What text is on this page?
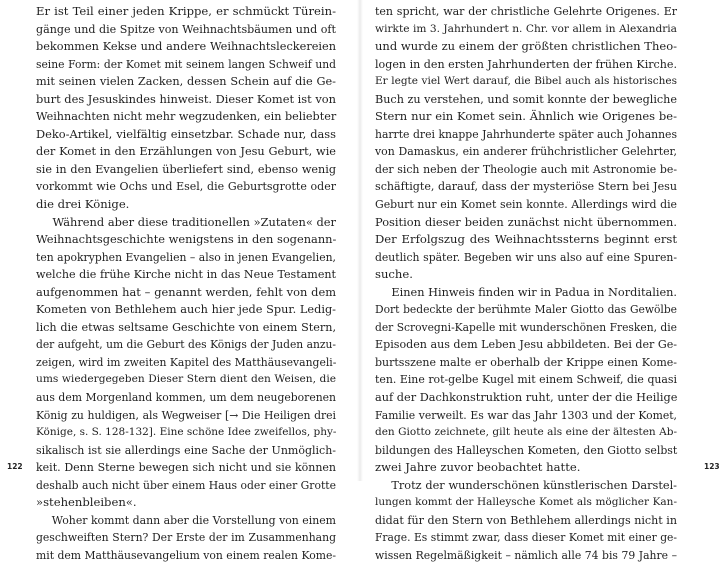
Er ist Teil einer jeden Krippe, er schmückt Türein-
gänge und die Spitze von Weihnachtsbäumen und oft
bekommen Kekse und andere Weihnachtsleckereien
seine Form: der Komet mit seinem langen Schweif und
mit seinen vielen Zacken, dessen Schein auf die Ge-
burt des Jesuskindes hinweist. Dieser Komet ist von
Weihnachten nicht mehr wegzudenken, ein beliebter
Deko-Artikel, vielfältig einsetzbar. Schade nur, dass
der Komet in den Erzählungen von Jesu Geburt, wie
sie in den Evangelien überliefert sind, ebenso wenig
vorkommt wie Ochs und Esel, die Geburtsgrotte oder
die drei Könige.
Während aber diese traditionellen »Zutaten« der
Weihnachtsgeschichte wenigstens in den sogenann-
ten apokryphen Evangelien – also in jenen Evangelien,
welche die frühe Kirche nicht in das Neue Testament
aufgenommen hat – genannt werden, fehlt von dem
Kometen von Bethlehem auch hier jede Spur. Ledig-
lich die etwas seltsame Geschichte von einem Stern,
der aufgeht, um die Geburt des Königs der Juden anzu-
zeigen, wird im zweiten Kapitel des Matthäusevangeli-
ums wiedergegeben Dieser Stern dient den Weisen, die
aus dem Morgenland kommen, um dem neugeborenen
König zu huldigen, als Wegweiser [→ Die Heiligen drei
Könige, s. S. 128-132]. Eine schöne Idee zweifellos, phy-
sikalisch ist sie allerdings eine Sache der Unmöglich-
keit. Denn Sterne bewegen sich nicht und sie können
deshalb auch nicht über einem Haus oder einer Grotte
»stehenbleiben«.
Woher kommt dann aber die Vorstellung von einem
geschweiften Stern? Der Erste der im Zusammenhang
mit dem Matthäusevangelium von einem realen Kome-
122
ten spricht, war der christliche Gelehrte Origenes. Er
wirkte im 3. Jahrhundert n. Chr. vor allem in Alexandria
und wurde zu einem der größten christlichen Theo-
logen in den ersten Jahrhunderten der frühen Kirche.
Er legte viel Wert darauf, die Bibel auch als historisches
Buch zu verstehen, und somit konnte der bewegliche
Stern nur ein Komet sein. Ähnlich wie Origenes be-
harrte drei knappe Jahrhunderte später auch Johannes
von Damaskus, ein anderer frühchristlicher Gelehrter,
der sich neben der Theologie auch mit Astronomie be-
schäftigte, darauf, dass der mysteriöse Stern bei Jesu
Geburt nur ein Komet sein konnte. Allerdings wird die
Position dieser beiden zunächst nicht übernommen.
Der Erfolgszug des Weihnachtssterns beginnt erst
deutlich später. Begeben wir uns also auf eine Spuren-
suche.
Einen Hinweis finden wir in Padua in Norditalien.
Dort bedeckte der berühmte Maler Giotto das Gewölbe
der Scrovegni-Kapelle mit wunderschönen Fresken, die
Episoden aus dem Leben Jesu abbildeten. Bei der Ge-
burtsszene malte er oberhalb der Krippe einen Kome-
ten. Eine rot-gelbe Kugel mit einem Schweif, die quasi
auf der Dachkonstruktion ruht, unter der die Heilige
Familie verweilt. Es war das Jahr 1303 und der Komet,
den Giotto zeichnete, gilt heute als eine der ältesten Ab-
bildungen des Halleyschen Kometen, den Giotto selbst
zwei Jahre zuvor beobachtet hatte.
Trotz der wunderschönen künstlerischen Darstel-
lungen kommt der Halleysche Komet als möglicher Kan-
didat für den Stern von Bethlehem allerdings nicht in
Frage. Es stimmt zwar, dass dieser Komet mit einer ge-
wissen Regelmäßigkeit – nämlich alle 74 bis 79 Jahre –
123
